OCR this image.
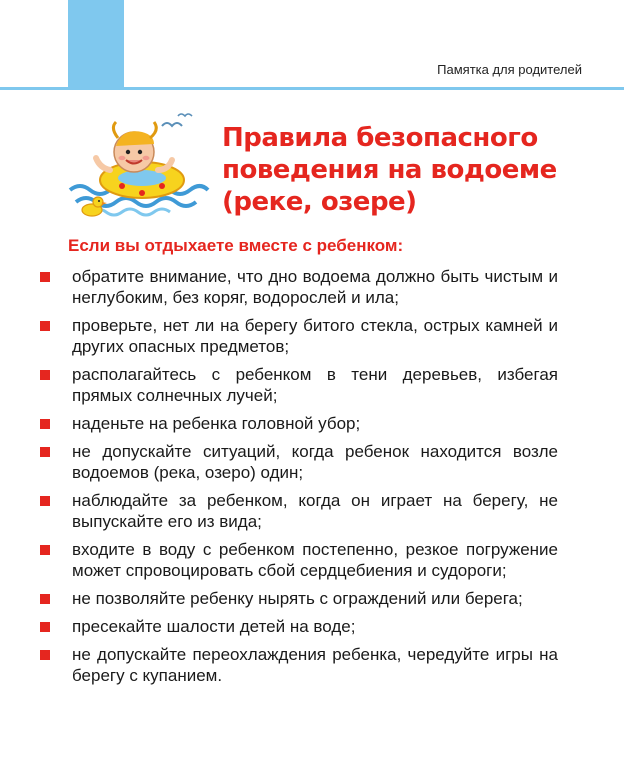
Памятка для родителей
Правила безопасного
поведения на водоеме
(реке, озере)
Если вы отдыхаете вместе с ребенком:
обратите внимание, что дно водоема должно быть чистым и неглубоким, без коряг, водорослей и ила;
проверьте, нет ли на берегу битого стекла, острых камней и других опасных предметов;
располагайтесь с ребенком в тени деревьев, избегая прямых солнечных лучей;
наденьте на ребенка головной убор;
не допускайте ситуаций, когда ребенок находится возле водоемов (река, озеро) один;
наблюдайте за ребенком, когда он играет на берегу, не выпускайте его из вида;
входите в воду с ребенком постепенно, резкое погружение может спровоцировать сбой сердцебиения и судороги;
не позволяйте ребенку нырять с ограждений или берега;
пресекайте шалости детей на воде;
не допускайте переохлаждения ребенка, чередуйте игры на берегу с купанием.
